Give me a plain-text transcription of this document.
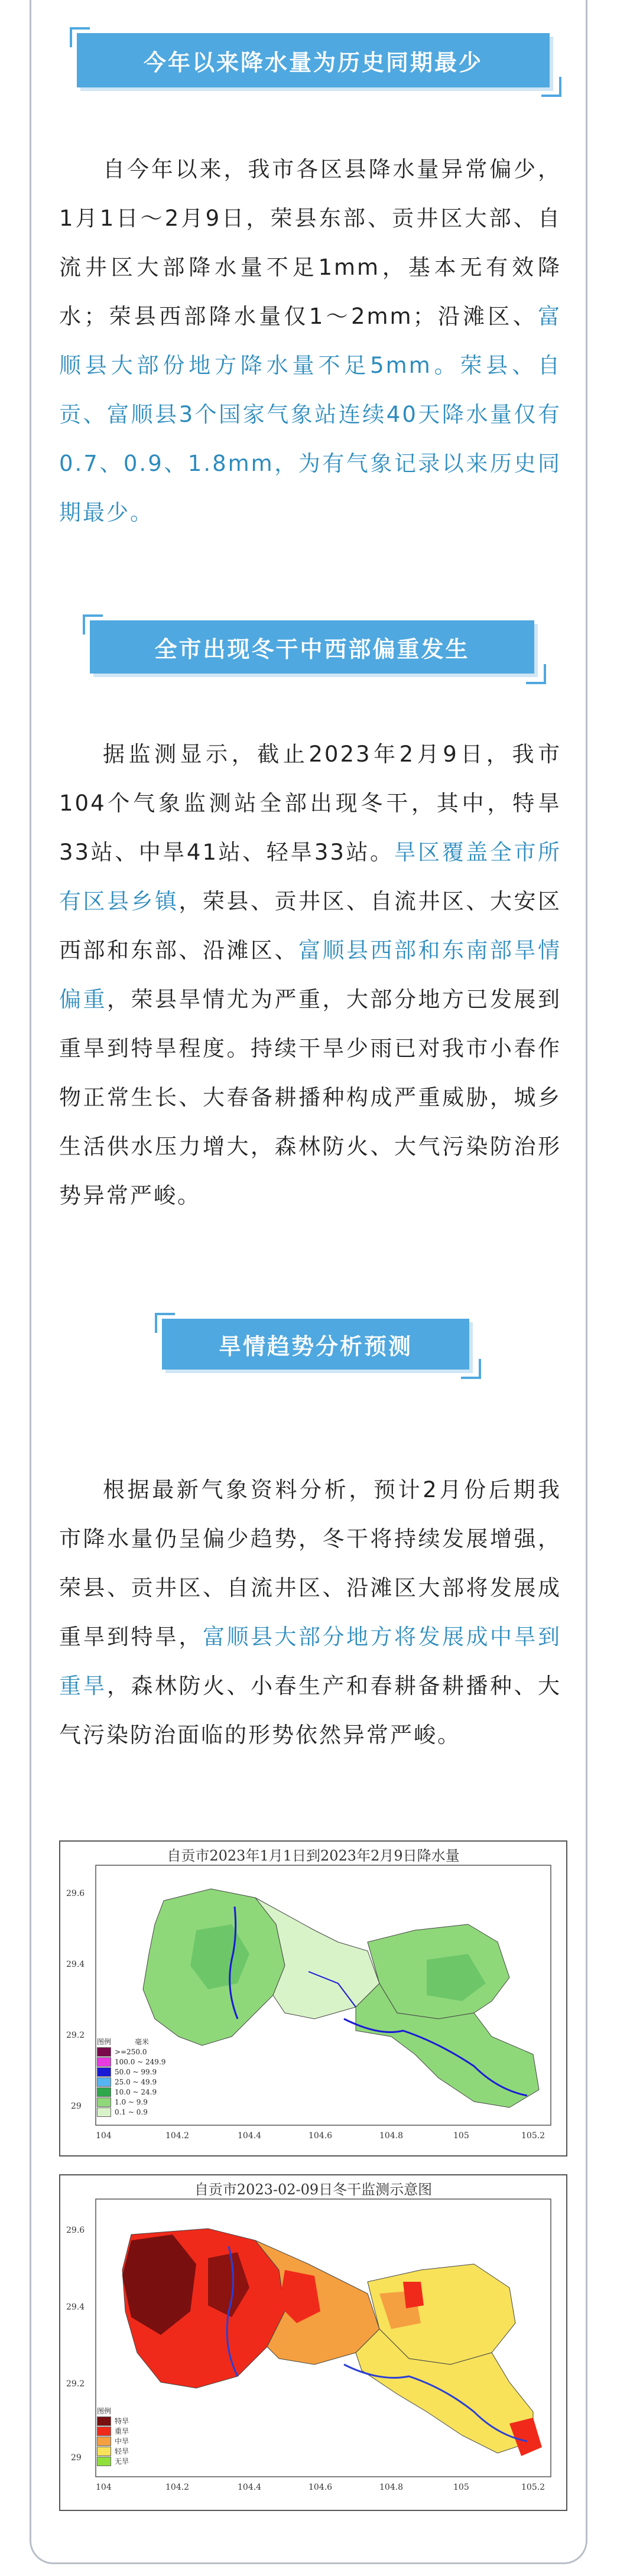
今年以来降水量为历史同期最少

自今年以来，我市各区县降水量异常偏少，1月1日～2月9日，荣县东部、贡井区大部、自流井区大部降水量不足1mm，基本无有效降水；荣县西部降水量仅1～2mm；沿滩区、富顺县大部份地方降水量不足5mm。荣县、自贡、富顺县3个国家气象站连续40天降水量仅有0.7、0.9、1.8mm，为有气象记录以来历史同期最少。

全市出现冬干中西部偏重发生

据监测显示，截止2023年2月9日，我市104个气象监测站全部出现冬干，其中，特旱33站、中旱41站、轻旱33站。旱区覆盖全市所有区县乡镇，荣县、贡井区、自流井区、大安区西部和东部、沿滩区、富顺县西部和东南部旱情偏重，荣县旱情尤为严重，大部分地方已发展到重旱到特旱程度。持续干旱少雨已对我市小春作物正常生长、大春备耕播种构成严重威胁，城乡生活供水压力增大，森林防火、大气污染防治形势异常严峻。

旱情趋势分析预测

根据最新气象资料分析，预计2月份后期我市降水量仍呈偏少趋势，冬干将持续发展增强，荣县、贡井区、自流井区、沿滩区大部将发展成重旱到特旱，富顺县大部分地方将发展成中旱到重旱，森林防火、小春生产和春耕备耕播种、大气污染防治面临的形势依然异常严峻。

自贡市2023年1月1日到2023年2月9日降水量
29.6
29.4
29.2
29
104	104.2	104.4	104.6	104.8	105	105.2
图例	毫米
>=250.0
100.0 ~ 249.9
50.0 ~ 99.9
25.0 ~ 49.9
10.0 ~ 24.9
1.0 ~ 9.9
0.1 ~ 0.9
自贡市2023-02-09日冬干监测示意图
29.6
29.4
29.2
29
104	104.2	104.4	104.6	104.8	105	105.2
图例
特旱
重旱
中旱
轻旱
无旱
